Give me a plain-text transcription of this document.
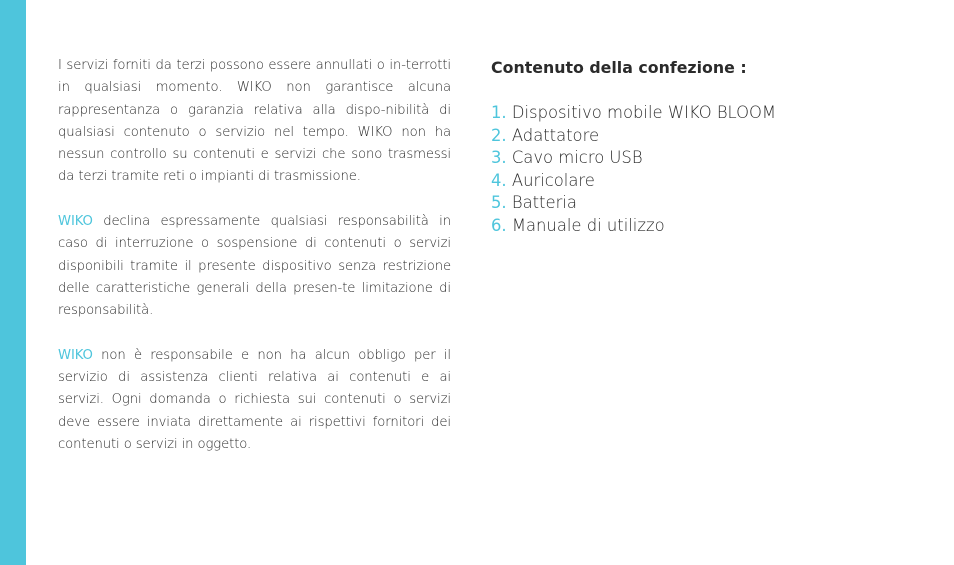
I servizi forniti da terzi possono essere annullati o in-terrotti in qualsiasi momento. WIKO non garantisce alcuna rappresentanza o garanzia relativa alla dispo-nibilità di qualsiasi contenuto o servizio nel tempo. WIKO non ha nessun controllo su contenuti e servizi che sono trasmessi da terzi tramite reti o impianti di trasmissione.

WIKO declina espressamente qualsiasi responsabilità in caso di interruzione o sospensione di contenuti o servizi disponibili tramite il presente dispositivo senza restrizione delle caratteristiche generali della presen-te limitazione di responsabilità.

WIKO non è responsabile e non ha alcun obbligo per il servizio di assistenza clienti relativa ai contenuti e ai servizi. Ogni domanda o richiesta sui contenuti o servizi deve essere inviata direttamente ai rispettivi fornitori dei contenuti o servizi in oggetto.

Contenuto della confezione :
1. Dispositivo mobile WIKO BLOOM
2. Adattatore
3. Cavo micro USB
4. Auricolare
5. Batteria
6. Manuale di utilizzo
